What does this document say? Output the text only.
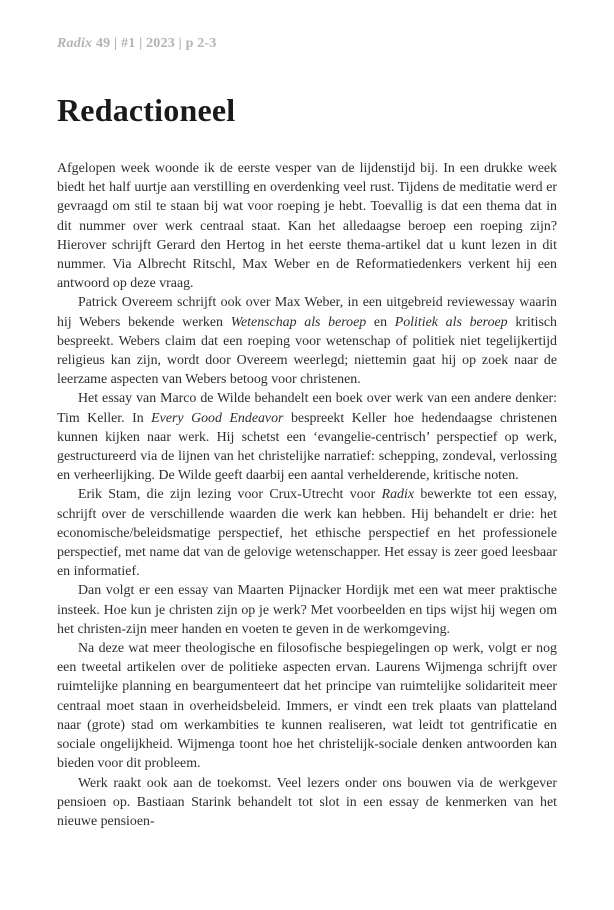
Radix 49 | #1 | 2023 | p 2-3
Redactioneel

Afgelopen week woonde ik de eerste vesper van de lijdenstijd bij. In een drukke week biedt het half uurtje aan verstilling en overdenking veel rust. Tijdens de meditatie werd er gevraagd om stil te staan bij wat voor roeping je hebt. Toevallig is dat een thema dat in dit nummer over werk centraal staat. Kan het alledaagse beroep een roeping zijn? Hierover schrijft Gerard den Hertog in het eerste thema-artikel dat u kunt lezen in dit nummer. Via Albrecht Ritschl, Max Weber en de Reformatiedenkers verkent hij een antwoord op deze vraag.

Patrick Overeem schrijft ook over Max Weber, in een uitgebreid reviewessay waarin hij Webers bekende werken Wetenschap als beroep en Politiek als beroep kritisch bespreekt. Webers claim dat een roeping voor wetenschap of politiek niet tegelijkertijd religieus kan zijn, wordt door Overeem weerlegd; niettemin gaat hij op zoek naar de leerzame aspecten van Webers betoog voor christenen.

Het essay van Marco de Wilde behandelt een boek over werk van een andere denker: Tim Keller. In Every Good Endeavor bespreekt Keller hoe hedendaagse christenen kunnen kijken naar werk. Hij schetst een ‘evangelie-centrisch’ perspectief op werk, gestructureerd via de lijnen van het christelijke narratief: schepping, zondeval, verlossing en verheerlijking. De Wilde geeft daarbij een aantal verhelderende, kritische noten.

Erik Stam, die zijn lezing voor Crux-Utrecht voor Radix bewerkte tot een essay, schrijft over de verschillende waarden die werk kan hebben. Hij behandelt er drie: het economische/beleidsmatige perspectief, het ethische perspectief en het professionele perspectief, met name dat van de gelovige wetenschapper. Het essay is zeer goed leesbaar en informatief.

Dan volgt er een essay van Maarten Pijnacker Hordijk met een wat meer praktische insteek. Hoe kun je christen zijn op je werk? Met voorbeelden en tips wijst hij wegen om het christen-zijn meer handen en voeten te geven in de werkomgeving.

Na deze wat meer theologische en filosofische bespiegelingen op werk, volgt er nog een tweetal artikelen over de politieke aspecten ervan. Laurens Wijmenga schrijft over ruimtelijke planning en beargumenteert dat het principe van ruimtelijke solidariteit meer centraal moet staan in overheidsbeleid. Immers, er vindt een trek plaats van platteland naar (grote) stad om werkambities te kunnen realiseren, wat leidt tot gentrificatie en sociale ongelijkheid. Wijmenga toont hoe het christelijk-sociale denken antwoorden kan bieden voor dit probleem.

Werk raakt ook aan de toekomst. Veel lezers onder ons bouwen via de werkgever pensioen op. Bastiaan Starink behandelt tot slot in een essay de kenmerken van het nieuwe pensioen-
